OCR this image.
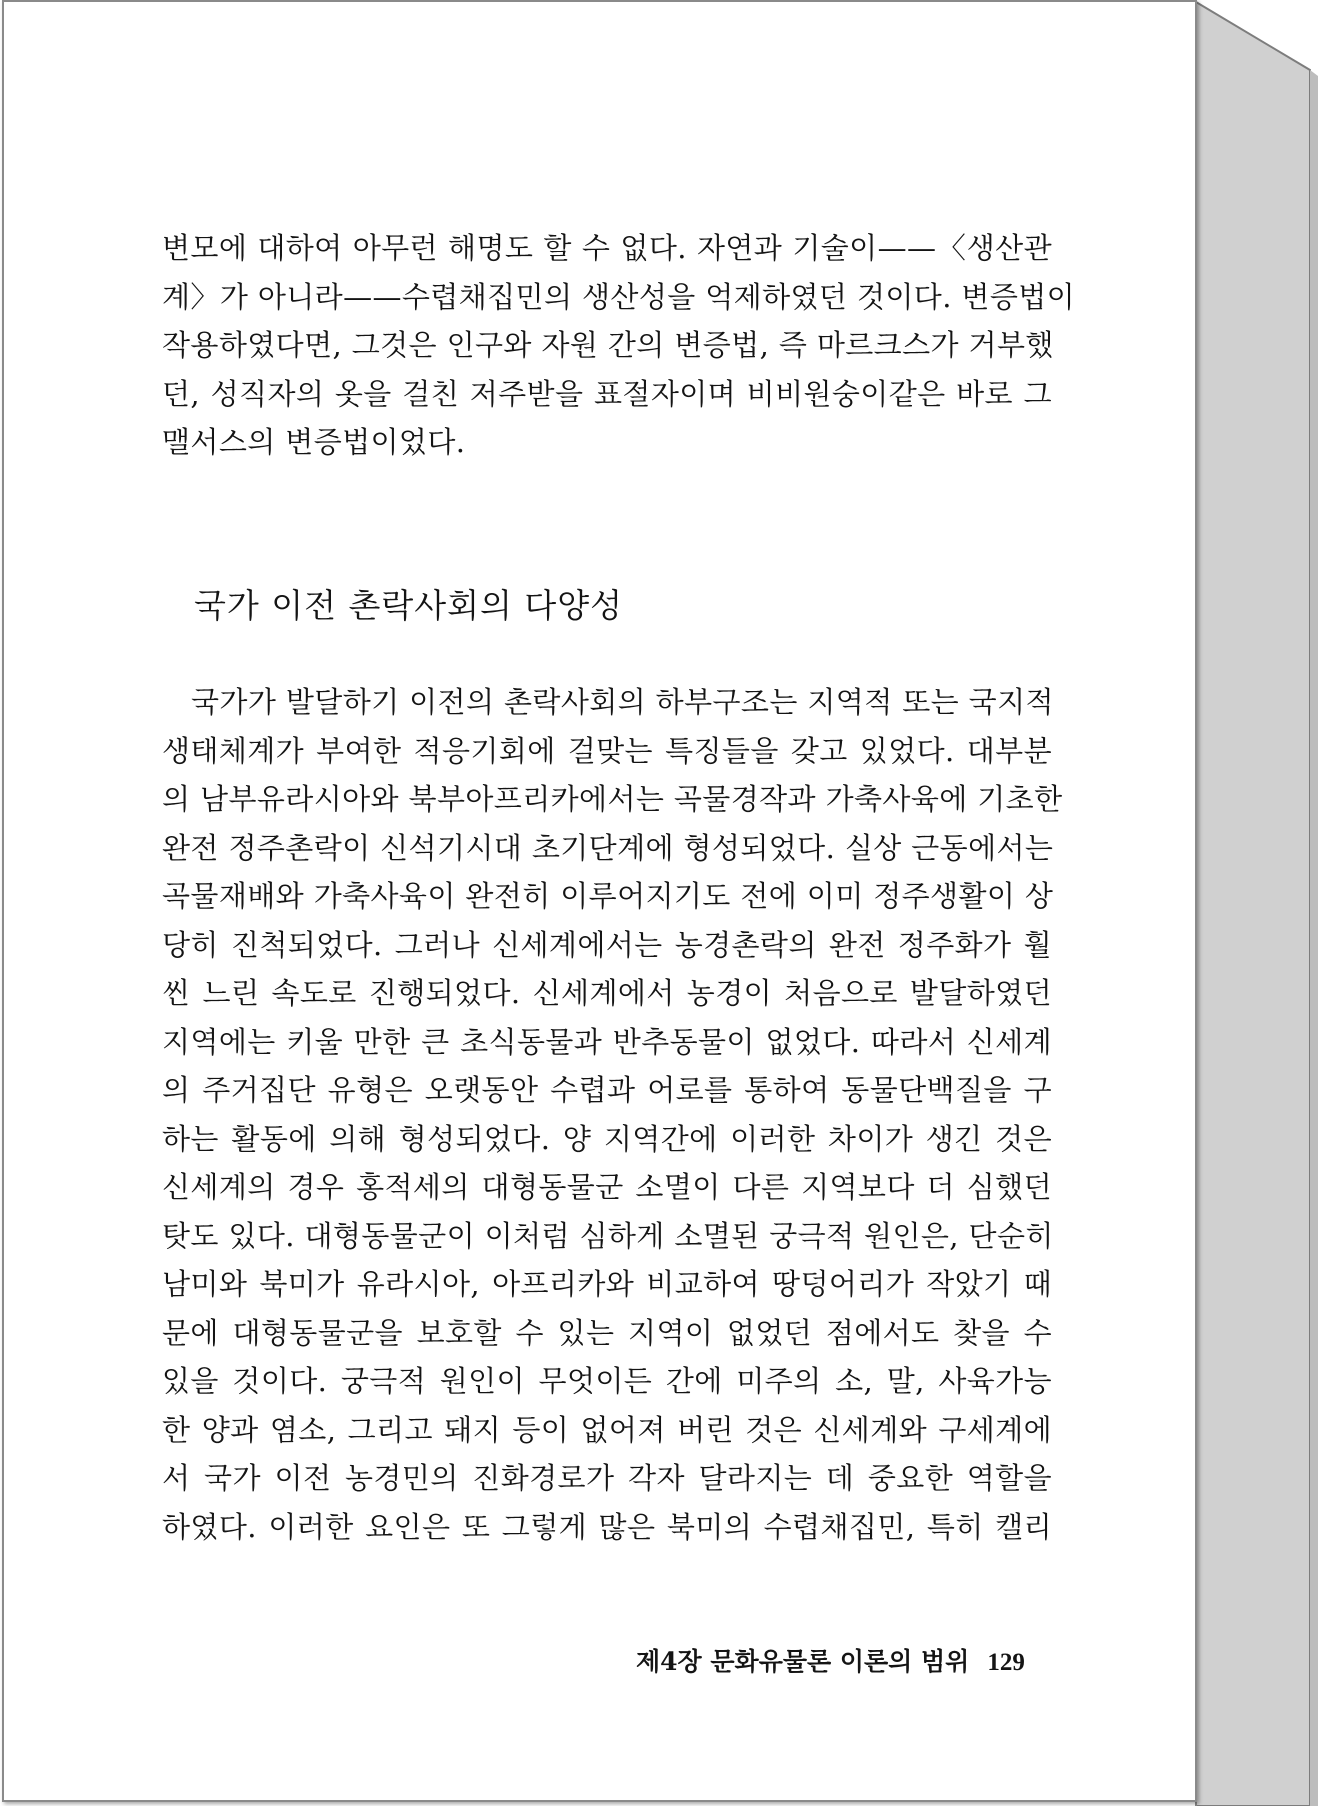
변모에 대하여 아무런 해명도 할 수 없다. 자연과 기술이——〈생산관
계〉가 아니라——수렵채집민의 생산성을 억제하였던 것이다. 변증법이
작용하였다면, 그것은 인구와 자원 간의 변증법, 즉 마르크스가 거부했
던, 성직자의 옷을 걸친 저주받을 표절자이며 비비원숭이같은 바로 그
맬서스의 변증법이었다.
국가 이전 촌락사회의 다양성
국가가 발달하기 이전의 촌락사회의 하부구조는 지역적 또는 국지적
생태체계가 부여한 적응기회에 걸맞는 특징들을 갖고 있었다. 대부분
의 남부유라시아와 북부아프리카에서는 곡물경작과 가축사육에 기초한
완전 정주촌락이 신석기시대 초기단계에 형성되었다. 실상 근동에서는
곡물재배와 가축사육이 완전히 이루어지기도 전에 이미 정주생활이 상
당히 진척되었다. 그러나 신세계에서는 농경촌락의 완전 정주화가 훨
씬 느린 속도로 진행되었다. 신세계에서 농경이 처음으로 발달하였던
지역에는 키울 만한 큰 초식동물과 반추동물이 없었다. 따라서 신세계
의 주거집단 유형은 오랫동안 수렵과 어로를 통하여 동물단백질을 구
하는 활동에 의해 형성되었다. 양 지역간에 이러한 차이가 생긴 것은
신세계의 경우 홍적세의 대형동물군 소멸이 다른 지역보다 더 심했던
탓도 있다. 대형동물군이 이처럼 심하게 소멸된 궁극적 원인은, 단순히
남미와 북미가 유라시아, 아프리카와 비교하여 땅덩어리가 작았기 때
문에 대형동물군을 보호할 수 있는 지역이 없었던 점에서도 찾을 수
있을 것이다. 궁극적 원인이 무엇이든 간에 미주의 소, 말, 사육가능
한 양과 염소, 그리고 돼지 등이 없어져 버린 것은 신세계와 구세계에
서 국가 이전 농경민의 진화경로가 각자 달라지는 데 중요한 역할을
하였다. 이러한 요인은 또 그렇게 많은 북미의 수렵채집민, 특히 캘리
제4장 문화유물론 이론의 범위 129
